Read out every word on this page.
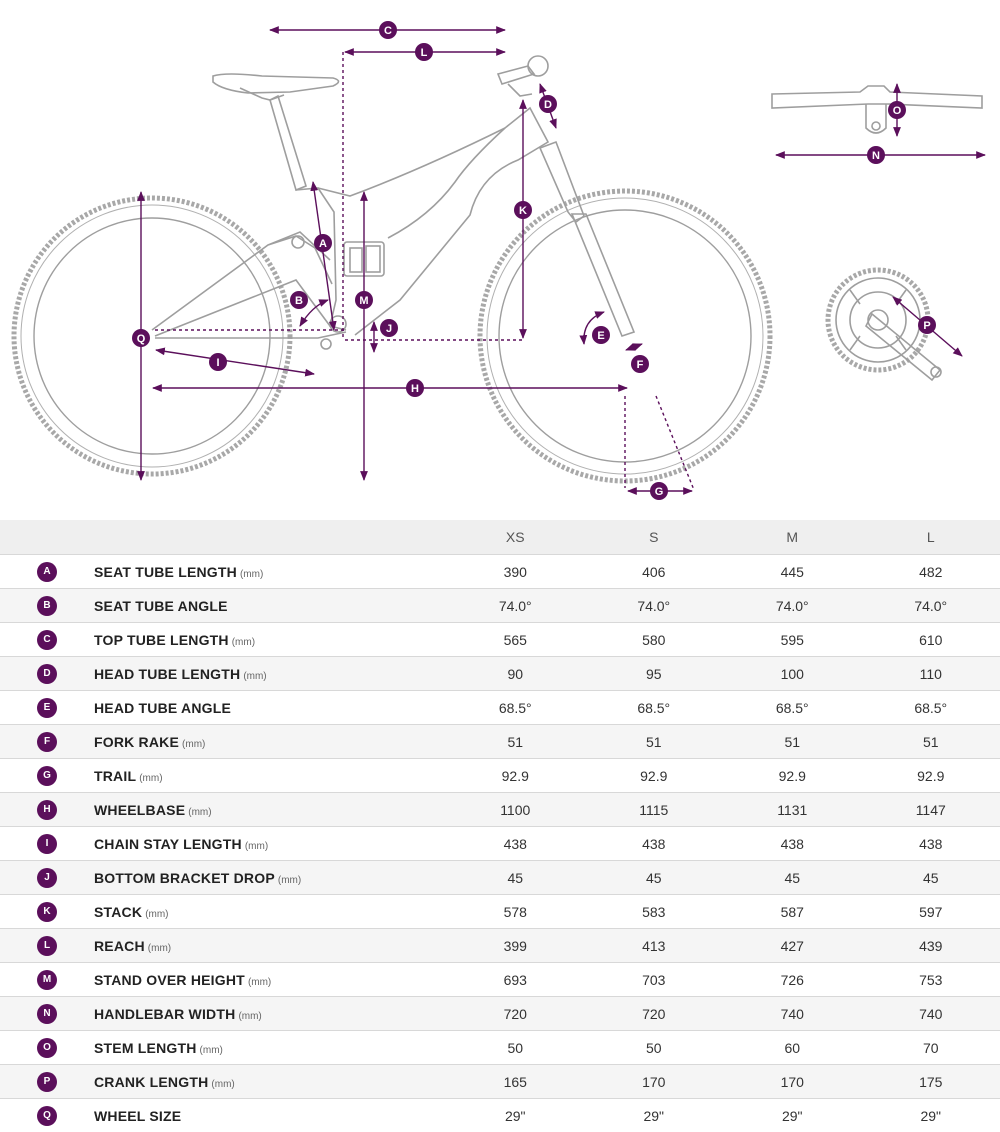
C
L
D
K
A
M
B
J
Q
I
H
E
F
G
O
N
P
		XS	S	M	L
A	SEAT TUBE LENGTH (mm)	390	406	445	482
B	SEAT TUBE ANGLE	74.0°	74.0°	74.0°	74.0°
C	TOP TUBE LENGTH (mm)	565	580	595	610
D	HEAD TUBE LENGTH (mm)	90	95	100	110
E	HEAD TUBE ANGLE	68.5°	68.5°	68.5°	68.5°
F	FORK RAKE (mm)	51	51	51	51
G	TRAIL (mm)	92.9	92.9	92.9	92.9
H	WHEELBASE (mm)	1100	1115	1131	1147
I	CHAIN STAY LENGTH (mm)	438	438	438	438
J	BOTTOM BRACKET DROP (mm)	45	45	45	45
K	STACK (mm)	578	583	587	597
L	REACH (mm)	399	413	427	439
M	STAND OVER HEIGHT (mm)	693	703	726	753
N	HANDLEBAR WIDTH (mm)	720	720	740	740
O	STEM LENGTH (mm)	50	50	60	70
P	CRANK LENGTH (mm)	165	170	170	175
Q	WHEEL SIZE	29"	29"	29"	29"
